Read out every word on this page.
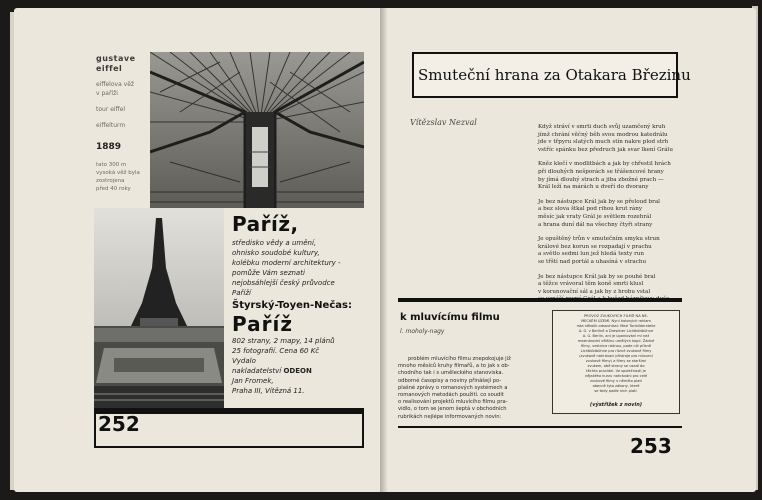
gustave
eiffel
eiffelova věž
v paříži
tour eiffel
eiffelturm
1889
tato 300 m
vysoká věž byla
zostrojena
před 40 roky
Paříž,

středisko vědy a umění,

ohnisko soudobé kultury,

kolébku moderní architektury -

pomůže Vám seznati

nejobsáhlejší český průvodce

Paříží

Štyrský-Toyen-Nečas:
Paříž

802 strany, 2 mapy, 14 plánů

25 fotografií. Cena 60 Kč

Vydalo

nakladatelství ODEON

Jan Fromek,

Praha III, Vítězná 11.

252
Smuteční hrana za Otakara Březinu
Vítězslav Nezval	Když stráví v smrti duch svůj uzamčený kruh
jímž chrání věčný běh svou modrou katedrálu
jde v třpyru slatých much stín nakre plod strh
vstříc spánku bez předruch jak svar lkení Grálu
Kněz klečí v modlitbách a jak by chřestil hrách
při dlouhých nešporách se třášencové hrany
by jímá dlouhý strach a jiba zbožné prach —
Král leží na márách u dveří do dvorany
Je bez nástupce Král jak by se přeloud bral
a bez slova štkal pod rihou krut rány
měsíc jak vraty Grál je světlem rozehrál
a hrana duní dál na všechny čtyři strany
Je opuštěný trůn v smutečním smyku strun
králové bez korun se rozpadají v prachu
a světlo sedmi lun jež hledá texty run
se třští nad portál a uhasíná v strachu
Je bez nástupce Král jak by se pouhé bral
a těžce vrávoral těm koně smrti klusl
v korunovační sál a jak by z hrobu vstal
k mluvícímu filmu
l. moholy-nagy
problém mluvícího filmu znepokojuje již
mnoho měsíců kruhy filmařů, a to jak s ob-
chodního tak i s uměleckého stanoviska.
odborné časopisy a noviny přinášejí po-
plašné zprávy o romanových systémech a
romanových metodách použití. co soudit
o realisování projektů mluvícího filmu pra-
vidlo, o tom se jenom šeptá v obchodních
rubrikách nejlépe informovaných novin:
PROVOZ ZVUKOVÝCH FILMŮ NA NĚ-
MECKÉM ÚZEMÍ. Nyní hotových reklam
rsta několik odsouhlasí: Mezi Tonbilderstelle
A. G. v Berlíně a Dresdner Lichtbildbühne
A. G. Berlín, aní je úpanlování mi než
mezinárodní většinu umělých kopií. Žádné
filmy, vestnice rádnou, pode níž přísně
Lichtbildbühne pro různé zvukové filmy
(zvukově nahrávací přístroje pro mluvení
zvukové filmy) a filmy se staršími
zvukem, obě strany se usadí do
těchto pravidel. Ve společnosti je
nějakého kurzu nahrávání pro celé
zvukové filmy v němžto platí
obecně tyto zákony, které
se tedy podle nich platí.
(výstřižek z novin)
253
